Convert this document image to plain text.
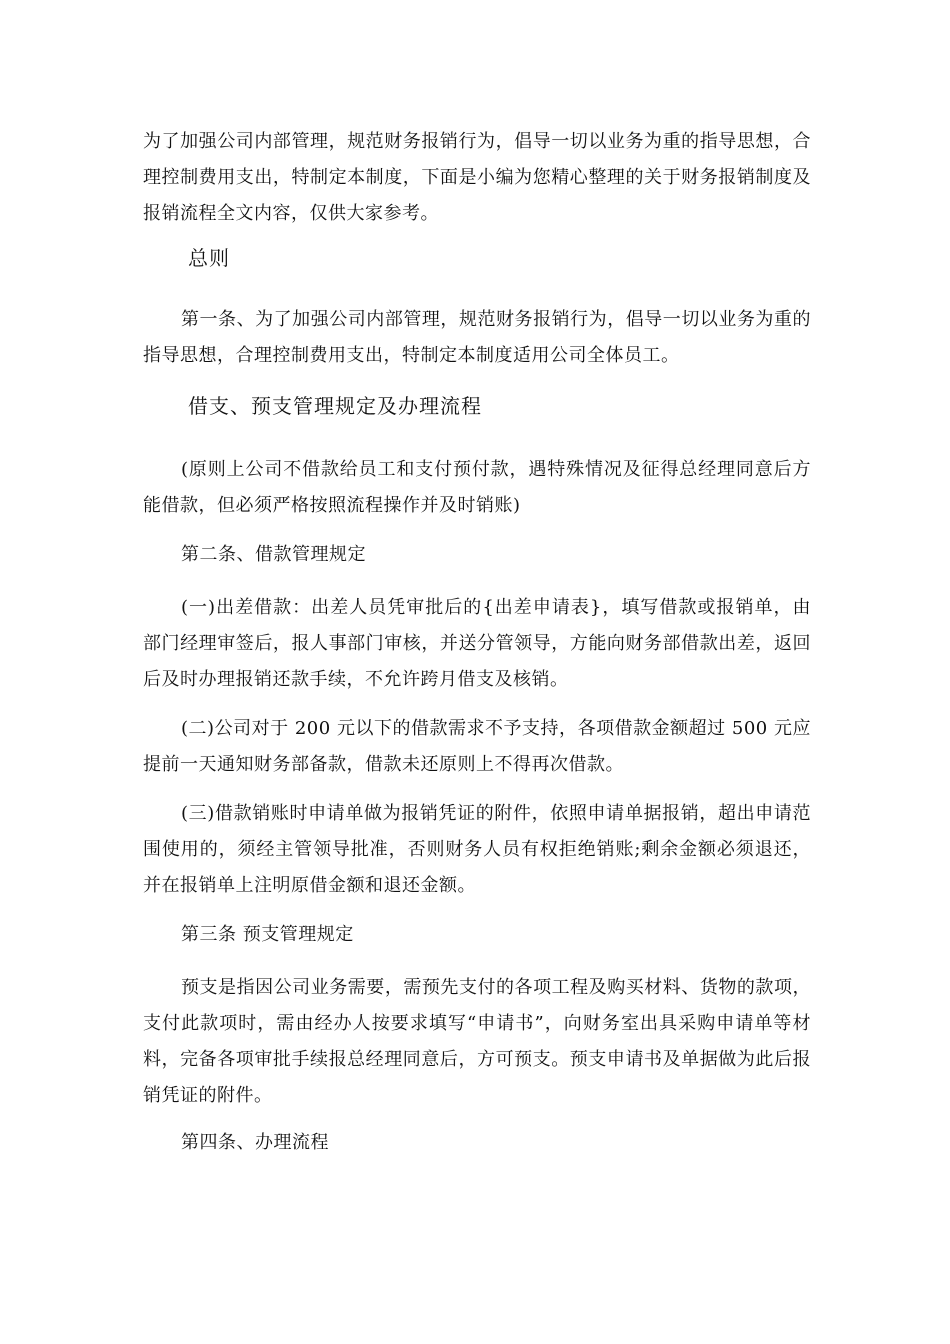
为了加强公司内部管理，规范财务报销行为，倡导一切以业务为重的指导思想，合理控制费用支出，特制定本制度，下面是小编为您精心整理的关于财务报销制度及报销流程全文内容，仅供大家参考。

总则

第一条、为了加强公司内部管理，规范财务报销行为，倡导一切以业务为重的指导思想，合理控制费用支出，特制定本制度适用公司全体员工。

借支、预支管理规定及办理流程

(原则上公司不借款给员工和支付预付款，遇特殊情况及征得总经理同意后方能借款，但必须严格按照流程操作并及时销账)

第二条、借款管理规定

(一)出差借款：出差人员凭审批后的{出差申请表}，填写借款或报销单，由部门经理审签后，报人事部门审核，并送分管领导，方能向财务部借款出差，返回后及时办理报销还款手续，不允许跨月借支及核销。

(二)公司对于 200 元以下的借款需求不予支持，各项借款金额超过 500 元应提前一天通知财务部备款，借款未还原则上不得再次借款。

(三)借款销账时申请单做为报销凭证的附件，依照申请单据报销，超出申请范围使用的，须经主管领导批准，否则财务人员有权拒绝销账;剩余金额必须退还，并在报销单上注明原借金额和退还金额。

第三条 预支管理规定

预支是指因公司业务需要，需预先支付的各项工程及购买材料、货物的款项，支付此款项时，需由经办人按要求填写“申请书”，向财务室出具采购申请单等材料，完备各项审批手续报总经理同意后，方可预支。预支申请书及单据做为此后报销凭证的附件。

第四条、办理流程
